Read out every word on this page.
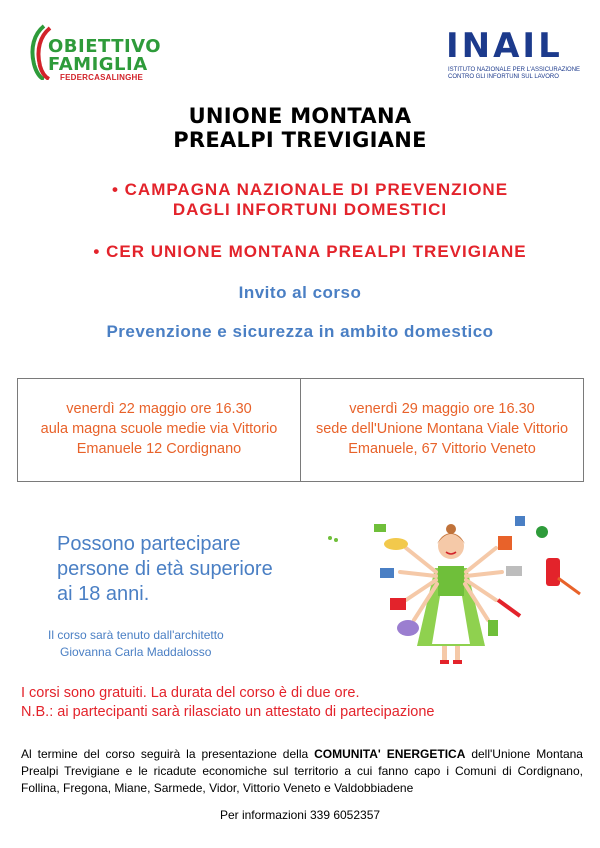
OBIETTIVO
FAMIGLIA
FEDERCASALINGHE
INAIL
ISTITUTO NAZIONALE PER L'ASSICURAZIONE
CONTRO GLI INFORTUNI SUL LAVORO
UNIONE MONTANA
PREALPI TREVIGIANE
• CAMPAGNA NAZIONALE DI PREVENZIONE
DAGLI INFORTUNI DOMESTICI
• CER UNIONE MONTANA PREALPI TREVIGIANE
Invito al corso
Prevenzione e sicurezza in ambito domestico
venerdì 22 maggio ore 16.30
aula magna scuole medie via Vittorio
Emanuele 12 Cordignano
venerdì 29 maggio ore 16.30
sede dell'Unione Montana Viale Vittorio
Emanuele, 67 Vittorio Veneto
Possono partecipare
persone di età superiore
ai 18 anni.
Il corso sarà tenuto dall'architetto
Giovanna Carla Maddalosso
I corsi sono gratuiti. La durata del corso è di due ore.
N.B.: ai partecipanti sarà rilasciato un attestato di partecipazione
Al termine del corso seguirà la presentazione della COMUNITA' ENERGETICA dell'Unione Montana Prealpi Trevigiane e le ricadute economiche sul territorio a cui fanno capo i Comuni di Cordignano, Follina, Fregona, Miane, Sarmede, Vidor, Vittorio Veneto e Valdobbiadene
Per informazioni 339 6052357
